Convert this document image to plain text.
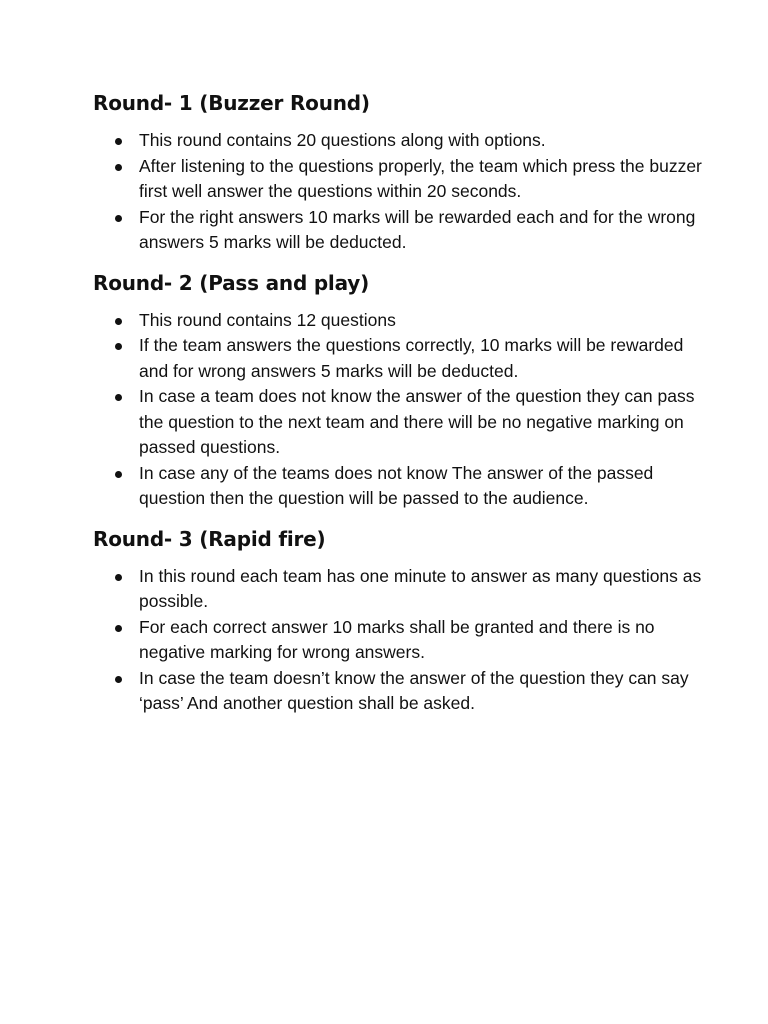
Round- 1 (Buzzer Round)
This round contains 20 questions along with options.
After listening to the questions properly, the team which press the buzzer first well answer the questions within 20 seconds.
For the right answers 10 marks will be rewarded each and for the wrong answers 5 marks will be deducted.
Round- 2 (Pass and play)
This round contains 12 questions
If the team answers the questions correctly, 10 marks will be rewarded and for wrong answers 5 marks will be deducted.
In case a team does not know the answer of the question they can pass the question to the next team and there will be no negative marking on passed questions.
In case any of the teams does not know The answer of the passed question then the question will be passed to the audience.
Round- 3 (Rapid fire)
In this round each team has one minute to answer as many questions as possible.
For each correct answer 10 marks shall be granted and there is no negative marking for wrong answers.
In case the team doesn’t know the answer of the question they can say ‘pass’ And another question shall be asked.
